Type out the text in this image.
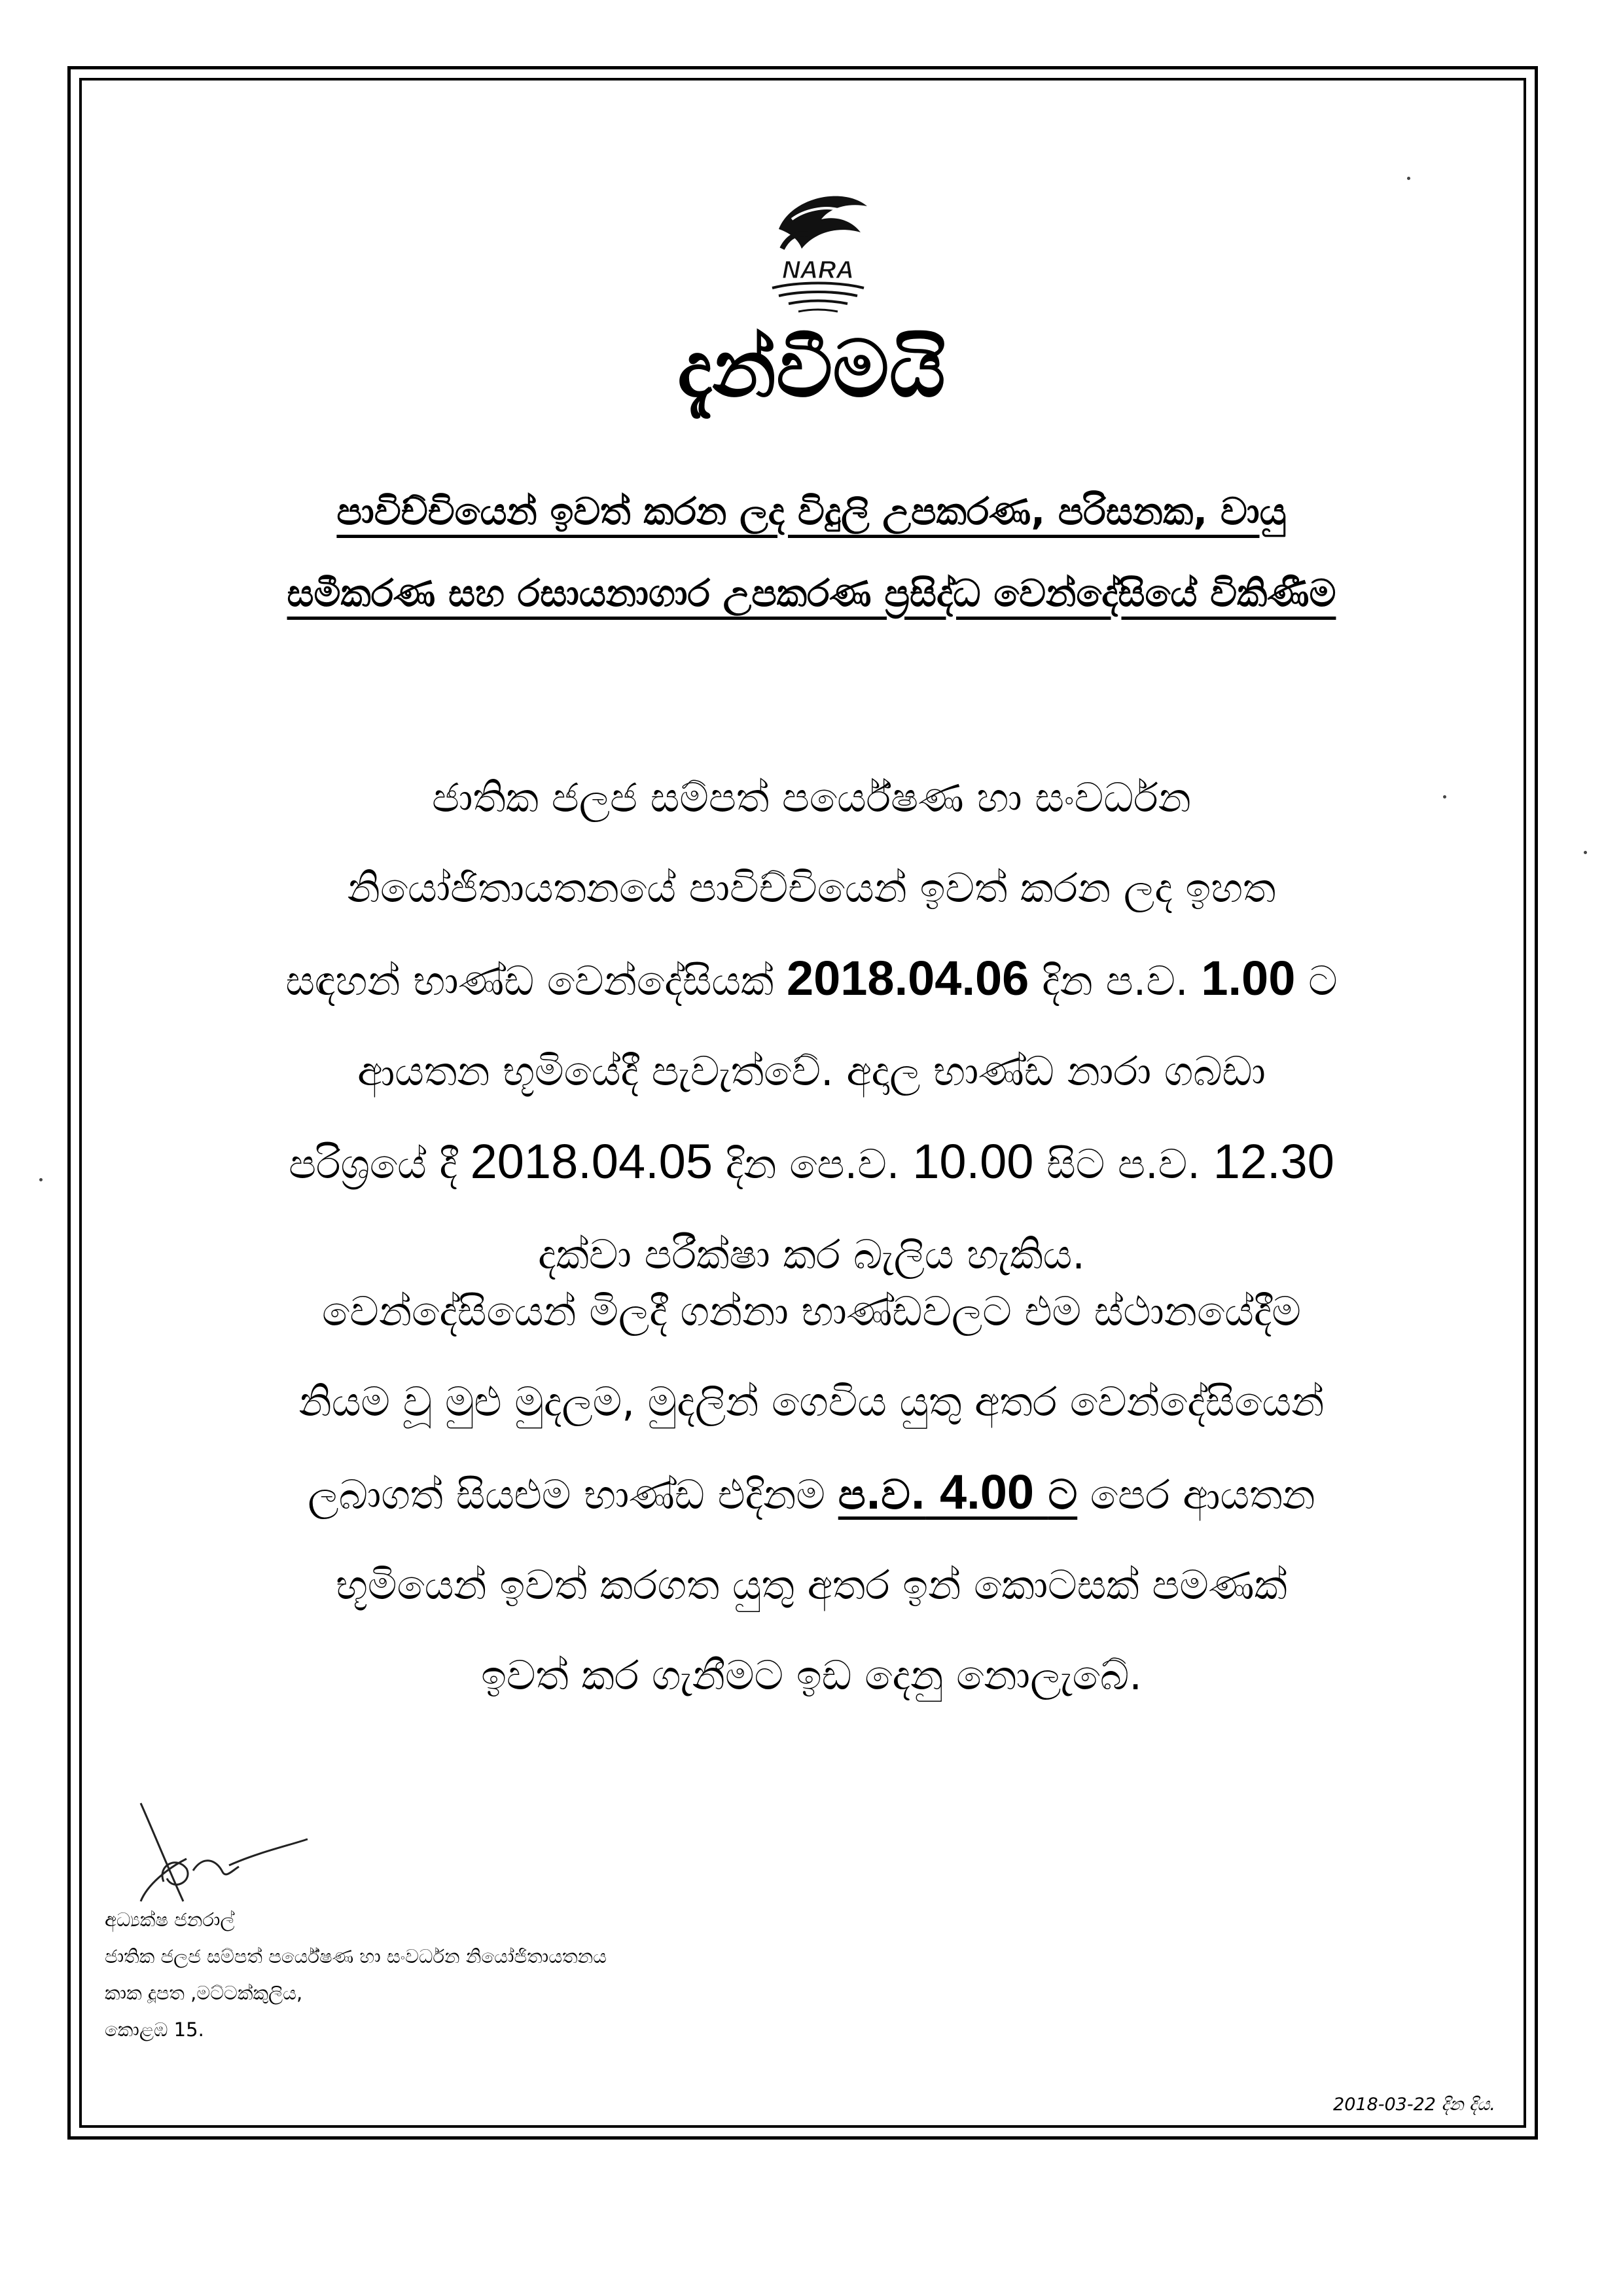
NARA
දැන්වීමයි
පාවිච්චියෙන් ඉවත් කරන ලද විදුලි උපකරණ, පරිසනක, වායු
සමීකරණ සහ රසායනාගාර උපකරණ ප්‍රසිද්ධ වෙන්දේසියේ විකිණීම
ජාතික ජලජ සම්පත් පර්යේෂණ හා සංවර්ධන
නියෝජිතායතනයේ පාවිච්චියෙන් ඉවත් කරන ලද ඉහත
සඳහන් භාණ්ඩ වෙන්දේසියක් 2018.04.06 දින ප.ව. 1.00 ට
ආයතන භූමියේදී පැවැත්වේ. අදාල භාණ්ඩ නාරා ගබඩා
පරිශ්‍රයේ දී 2018.04.05 දින පෙ.ව. 10.00 සිට ප.ව. 12.30
දක්වා පරීක්ෂා කර බැලිය හැකිය.
වෙන්දේසියෙන් මිලදී ගන්නා භාණ්ඩවලට එම ස්ථානයේදීම
නියම වූ මුළු මුදලම, මුදලින් ගෙවිය යුතු අතර වෙන්දේසියෙන්
ලබාගත් සියළුම භාණ්ඩ එදිනම ප.ව. 4.00 ට පෙර ආයතන
භූමියෙන් ඉවත් කරගත යුතු අතර ඉන් කොටසක් පමණක්
ඉවත් කර ගැනීමට ඉඩ දෙනු නොලැබේ.
අධ්‍යක්ෂ ජනරාල්
ජාතික ජලජ සම්පත් පර්යේෂණ හා සංවර්ධන නියෝජිතායතනය
කාක දූපත ,මට්ටක්කුලිය,
කොළඹ 15.
2018-03-22 දින දිය.
